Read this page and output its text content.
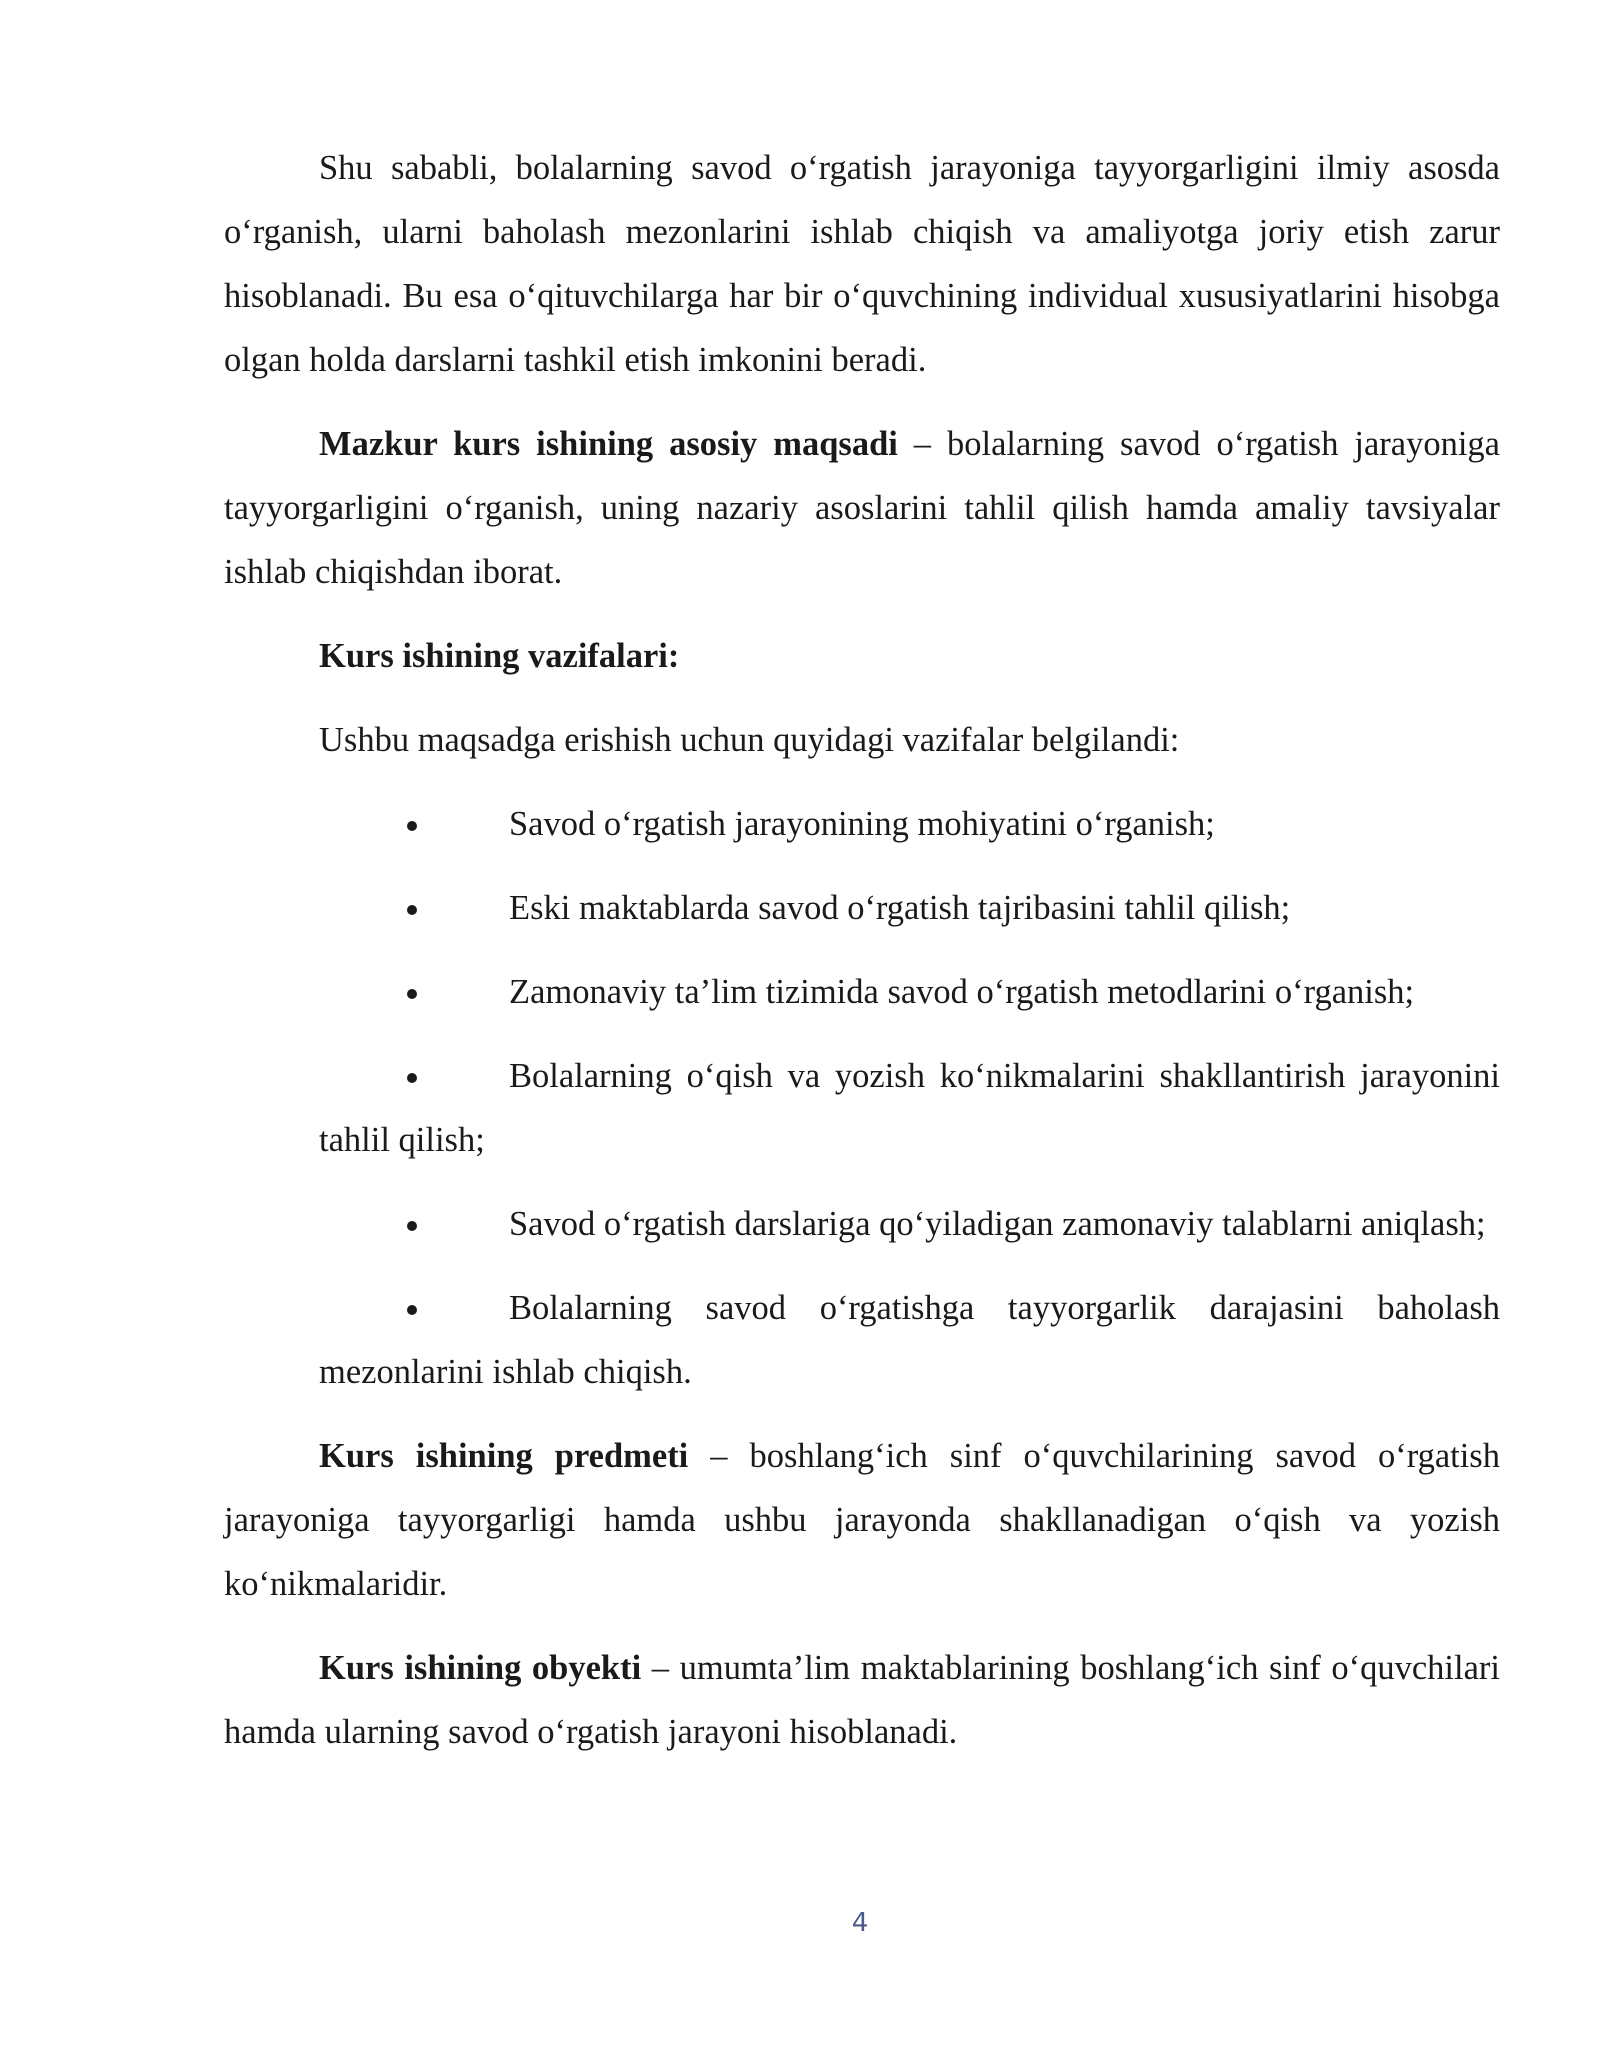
Shu sababli, bolalarning savod o‘rgatish jarayoniga tayyorgarligini ilmiy asosda o‘rganish, ularni baholash mezonlarini ishlab chiqish va amaliyotga joriy etish zarur hisoblanadi. Bu esa o‘qituvchilarga har bir o‘quvchining individual xususiyatlarini hisobga olgan holda darslarni tashkil etish imkonini beradi.

Mazkur kurs ishining asosiy maqsadi – bolalarning savod o‘rgatish jarayoniga tayyorgarligini o‘rganish, uning nazariy asoslarini tahlil qilish hamda amaliy tavsiyalar ishlab chiqishdan iborat.

Kurs ishining vazifalari:

Ushbu maqsadga erishish uchun quyidagi vazifalar belgilandi:

Savod o‘rgatish jarayonining mohiyatini o‘rganish;
Eski maktablarda savod o‘rgatish tajribasini tahlil qilish;
Zamonaviy ta’lim tizimida savod o‘rgatish metodlarini o‘rganish;
Bolalarning o‘qish va yozish ko‘nikmalarini shakllantirish jarayonini tahlil qilish;
Savod o‘rgatish darslariga qo‘yiladigan zamonaviy talablarni aniqlash;
Bolalarning savod o‘rgatishga tayyorgarlik darajasini baholash mezonlarini ishlab chiqish.

Kurs ishining predmeti – boshlang‘ich sinf o‘quvchilarining savod o‘rgatish jarayoniga tayyorgarligi hamda ushbu jarayonda shakllanadigan o‘qish va yozish ko‘nikmalaridir.

Kurs ishining obyekti – umumta’lim maktablarining boshlang‘ich sinf o‘quvchilari hamda ularning savod o‘rgatish jarayoni hisoblanadi.

4
